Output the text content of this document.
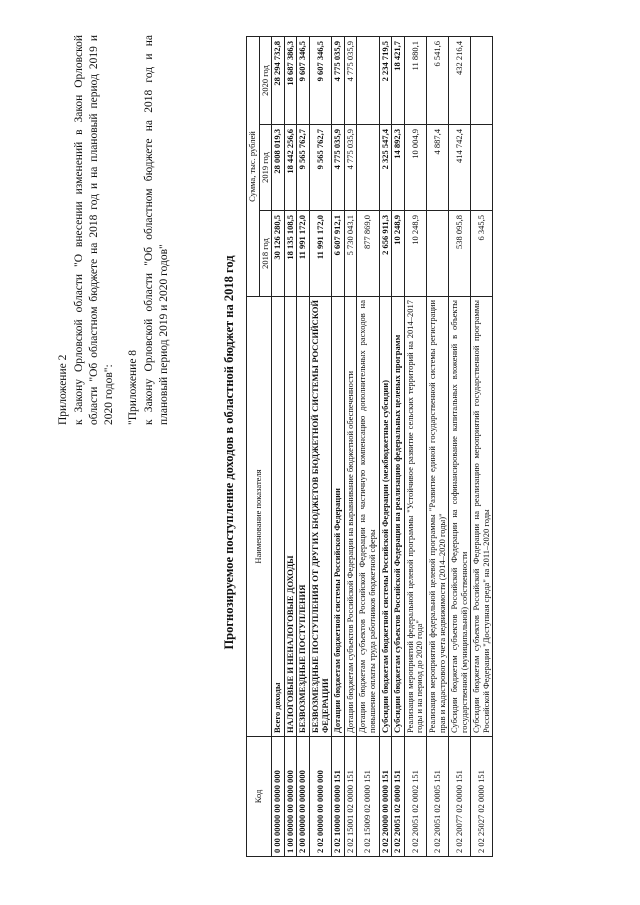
Приложение 2 к Закону Орловской области "О внесении изменений в Закон Орловской области "Об областном бюджете на 2018 год и на плановый период 2019 и 2020 годов": "Приложение 8 к Закону Орловской области "Об областном бюджете на 2018 год и на плановый период 2019 и 2020 годов"	Прогнозируемое поступление доходов в областной бюджет на 2018 год
Код	Наименование показателя	Сумма, тыс. рублей		
		2018 год	2019 год	2020 год
0 00 00000 00 0000 000	Всего доходы	30 126 280,5	28 008 019,3	28 294 732,8
1 00 00000 00 0000 000	НАЛОГОВЫЕ И НЕНАЛОГОВЫЕ ДОХОДЫ	18 135 108,5	18 442 256,6	18 687 386,3
2 00 00000 00 0000 000	БЕЗВОЗМЕЗДНЫЕ ПОСТУПЛЕНИЯ	11 991 172,0	9 565 762,7	9 607 346,5
2 02 00000 00 0000 000	БЕЗВОЗМЕЗДНЫЕ ПОСТУПЛЕНИЯ ОТ ДРУГИХ БЮДЖЕТОВ БЮДЖЕТНОЙ СИСТЕМЫ РОССИЙСКОЙ ФЕДЕРАЦИИ	11 991 172,0	9 565 762,7	9 607 346,5
2 02 10000 00 0000 151	Дотации бюджетам бюджетной системы Российской Федерации	6 607 912,1	4 775 035,9	4 775 035,9
2 02 15001 02 0000 151	Дотации бюджетам субъектов Российской Федерации на выравнивание бюджетной обеспеченности	5 730 043,1	4 775 035,9	4 775 035,9
2 02 15009 02 0000 151	Дотации бюджетам субъектов Российской Федерации на частичную компенсацию дополнительных расходов на повышение оплаты труда работников бюджетной сферы	877 869,0		
2 02 20000 00 0000 151	Субсидии бюджетам бюджетной системы Российской Федерации (межбюджетные субсидии)	2 656 911,3	2 325 547,4	2 234 719,5
2 02 20051 02 0000 151	Субсидии бюджетам субъектов Российской Федерации на реализацию федеральных целевых программ	10 248,9	14 892,3	18 421,7
2 02 20051 02 0002 151	Реализация мероприятий федеральной целевой программы "Устойчивое развитие сельских территорий на 2014–2017 годы и на период до 2020 года"	10 248,9	10 004,9	11 880,1
2 02 20051 02 0005 151	Реализация мероприятий федеральной целевой программы "Развитие единой государственной системы регистрации прав и кадастрового учета недвижимости (2014–2020 годы)"		4 887,4	6 541,6
2 02 20077 02 0000 151	Субсидии бюджетам субъектов Российской Федерации на софинансирование капитальных вложений в объекты государственной (муниципальной) собственности	538 095,8	414 742,4	432 216,4
2 02 25027 02 0000 151	Субсидии бюджетам субъектов Российской Федерации на реализацию мероприятий государственной программы Российской Федерации "Доступная среда" на 2011–2020 годы	6 345,5		
